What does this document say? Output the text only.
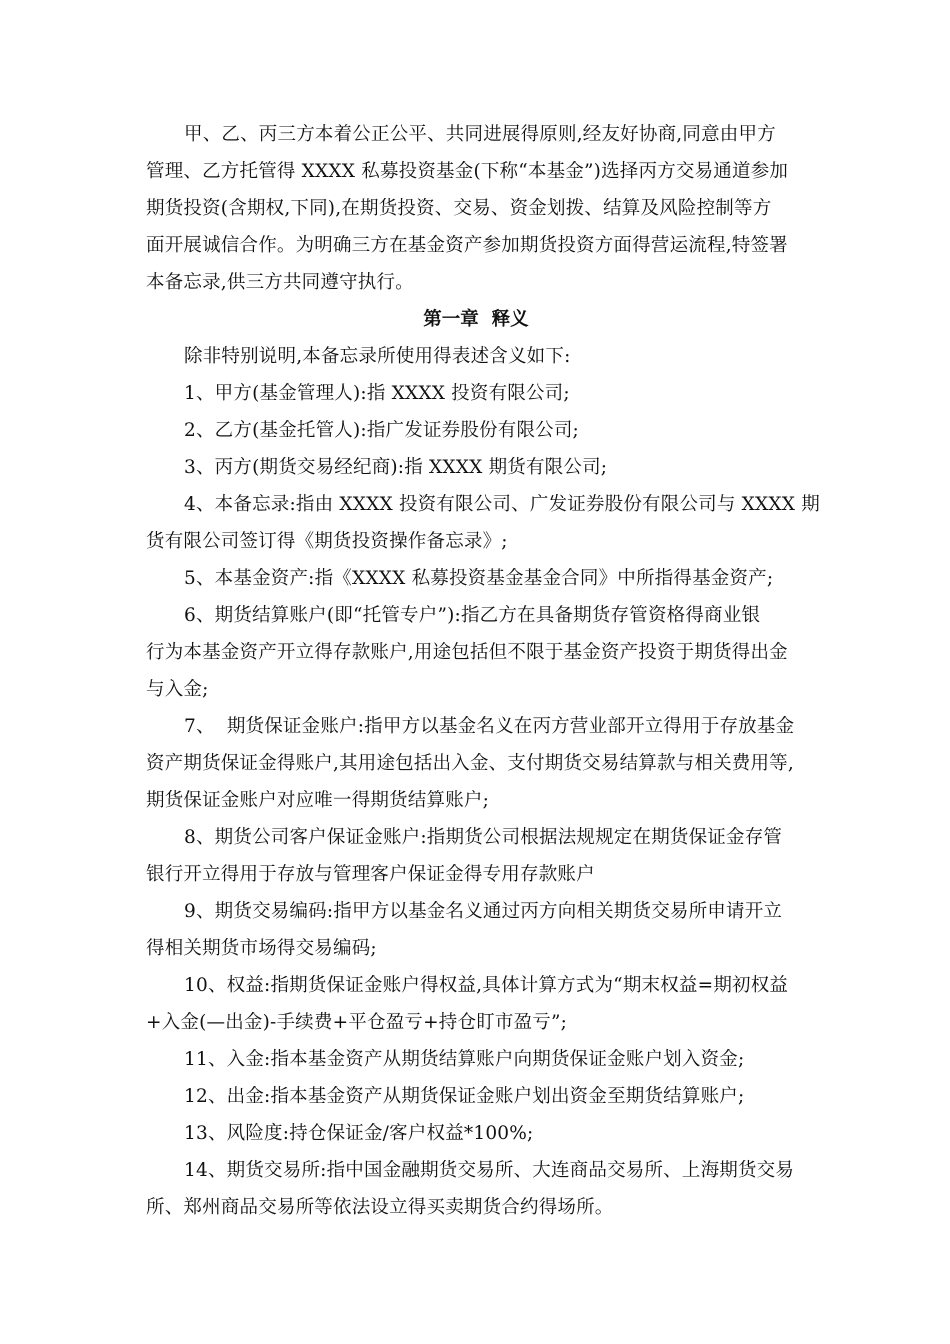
甲、乙、丙三方本着公正公平、共同进展得原则,经友好协商,同意由甲方
管理、乙方托管得 XXXX 私募投资基金(下称“本基金”)选择丙方交易通道参加
期货投资(含期权,下同),在期货投资、交易、资金划拨、结算及风险控制等方
面开展诚信合作。为明确三方在基金资产参加期货投资方面得营运流程,特签署
本备忘录,供三方共同遵守执行。
第一章  释义
除非特别说明,本备忘录所使用得表述含义如下:
1、甲方(基金管理人):指 XXXX 投资有限公司;
2、乙方(基金托管人):指广发证券股份有限公司;
3、丙方(期货交易经纪商):指 XXXX 期货有限公司;
4、本备忘录:指由 XXXX 投资有限公司、广发证券股份有限公司与 XXXX 期
货有限公司签订得《期货投资操作备忘录》;
5、本基金资产:指《XXXX 私募投资基金基金合同》中所指得基金资产;
6、期货结算账户(即“托管专户”):指乙方在具备期货存管资格得商业银
行为本基金资产开立得存款账户,用途包括但不限于基金资产投资于期货得出金
与入金;
7、  期货保证金账户:指甲方以基金名义在丙方营业部开立得用于存放基金
资产期货保证金得账户,其用途包括出入金、支付期货交易结算款与相关费用等,
期货保证金账户对应唯一得期货结算账户;
8、期货公司客户保证金账户:指期货公司根据法规规定在期货保证金存管
银行开立得用于存放与管理客户保证金得专用存款账户
9、期货交易编码:指甲方以基金名义通过丙方向相关期货交易所申请开立
得相关期货市场得交易编码;
10、权益:指期货保证金账户得权益,具体计算方式为“期末权益=期初权益
+入金(—出金)-手续费+平仓盈亏+持仓盯市盈亏”;
11、入金:指本基金资产从期货结算账户向期货保证金账户划入资金;
12、出金:指本基金资产从期货保证金账户划出资金至期货结算账户;
13、风险度:持仓保证金/客户权益*100%;
14、期货交易所:指中国金融期货交易所、大连商品交易所、上海期货交易
所、郑州商品交易所等依法设立得买卖期货合约得场所。
